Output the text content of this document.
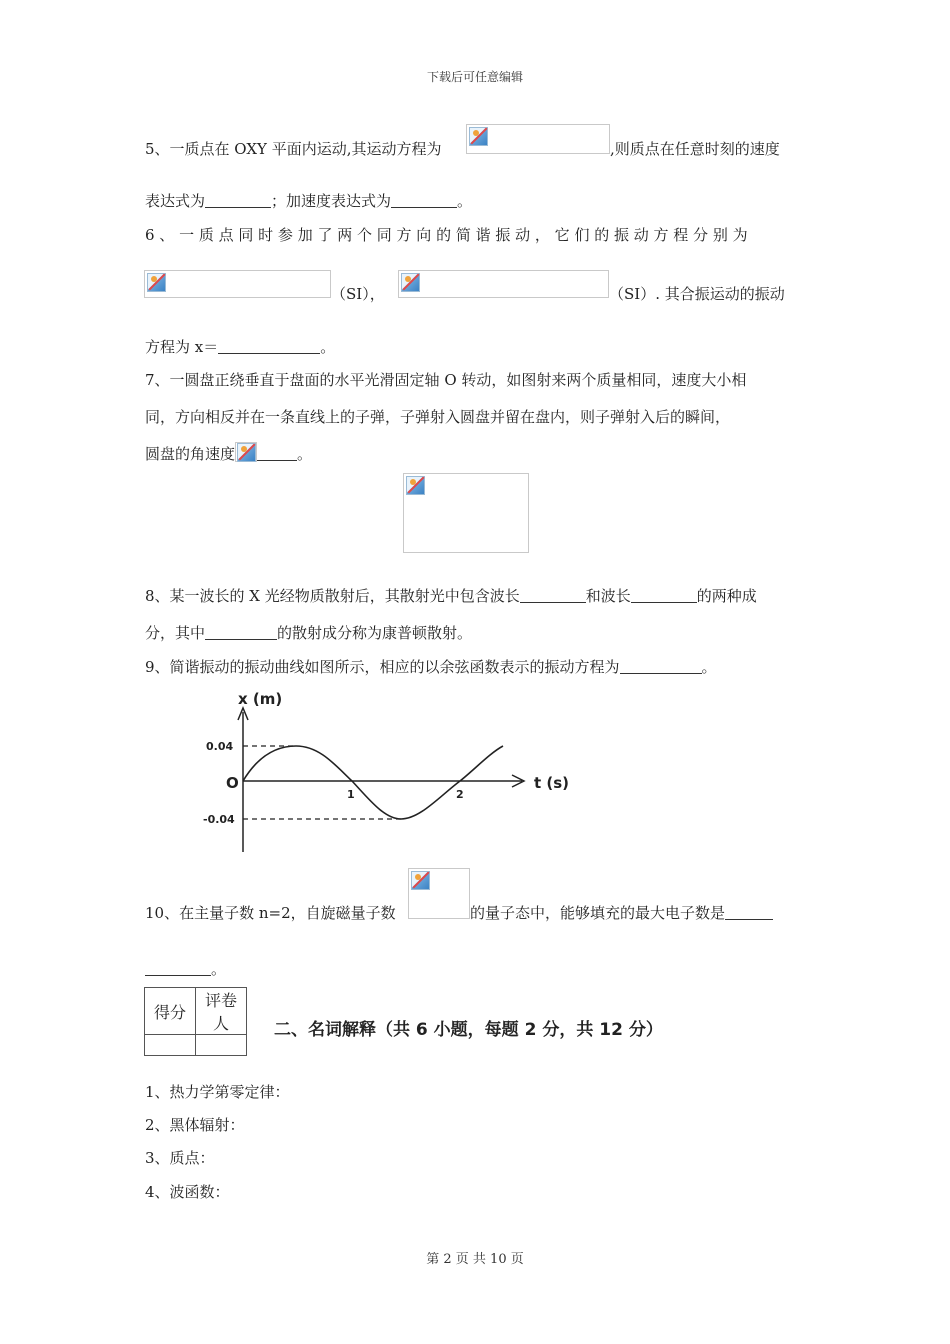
下载后可任意编辑
5、一质点在 OXY 平面内运动,其运动方程为	,则质点在任意时刻的速度
表达式为	；加速度表达式为	。
6 、 一 质 点 同 时 参 加 了 两 个 同 方 向 的 简 谐 振 动 ， 它 们 的 振 动 方 程 分 别 为
（SI），	（SI）. 其合振运动的振动
方程为 x＝	。
7、一圆盘正绕垂直于盘面的水平光滑固定轴 O 转动，如图射来两个质量相同，速度大小相
同，方向相反并在一条直线上的子弹，子弹射入圆盘并留在盘内，则子弹射入后的瞬间，
圆盘的角速度	。
8、某一波长的 X 光经物质散射后，其散射光中包含波长	和波长	的两种成
分，其中	的散射成分称为康普顿散射。
9、简谐振动的振动曲线如图所示，相应的以余弦函数表示的振动方程为	。
x (m)
t (s)
O
0.04
-0.04
1	2
10、在主量子数 n=2，自旋磁量子数	的量子态中，能够填充的最大电子数是
。
得分	评卷人
		二、名词解释（共 6 小题，每题 2 分，共 12 分）
1、热力学第零定律：
2、黑体辐射：
3、质点：
4、波函数：
第 2 页 共 10 页
